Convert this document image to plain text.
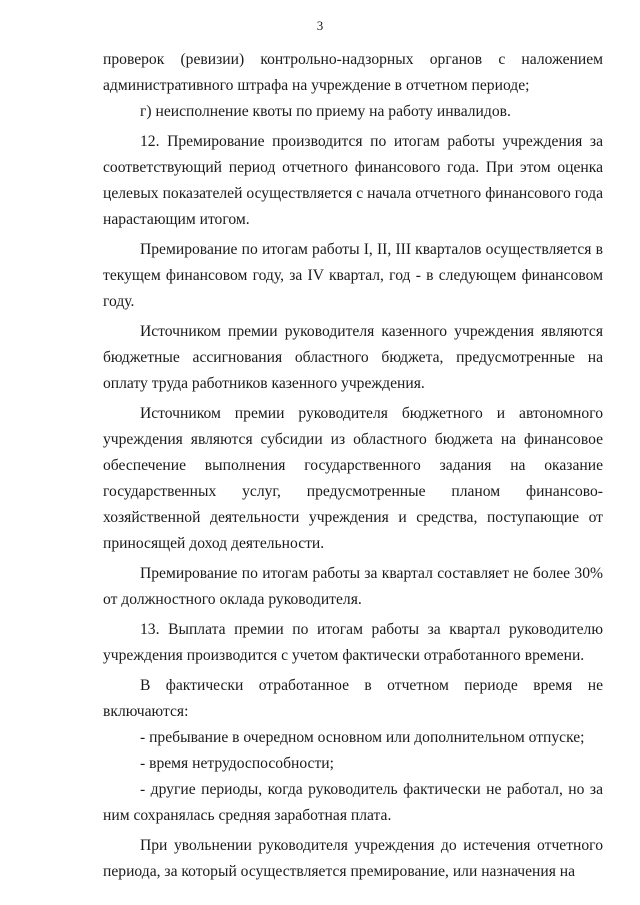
3

проверок (ревизии) контрольно-надзорных органов с наложением административного штрафа на учреждение в отчетном периоде;

г) неисполнение квоты по приему на работу инвалидов.

12. Премирование производится по итогам работы учреждения за соответствующий период отчетного финансового года. При этом оценка целевых показателей осуществляется с начала отчетного финансового года нарастающим итогом.

Премирование по итогам работы I, II, III кварталов осуществляется в текущем финансовом году, за IV квартал, год - в следующем финансовом году.

Источником премии руководителя казенного учреждения являются бюджетные ассигнования областного бюджета, предусмотренные на оплату труда работников казенного учреждения.

Источником премии руководителя бюджетного и автономного учреждения являются субсидии из областного бюджета на финансовое обеспечение выполнения государственного задания на оказание государственных услуг, предусмотренные планом финансово-хозяйственной деятельности учреждения и средства, поступающие от приносящей доход деятельности.

Премирование по итогам работы за квартал составляет не более 30% от должностного оклада руководителя.

13. Выплата премии по итогам работы за квартал руководителю учреждения производится с учетом фактически отработанного времени.

В фактически отработанное в отчетном периоде время не включаются:

- пребывание в очередном основном или дополнительном отпуске;

- время нетрудоспособности;

- другие периоды, когда руководитель фактически не работал, но за ним сохранялась средняя заработная плата.

При увольнении руководителя учреждения до истечения отчетного периода, за который осуществляется премирование, или назначения на
